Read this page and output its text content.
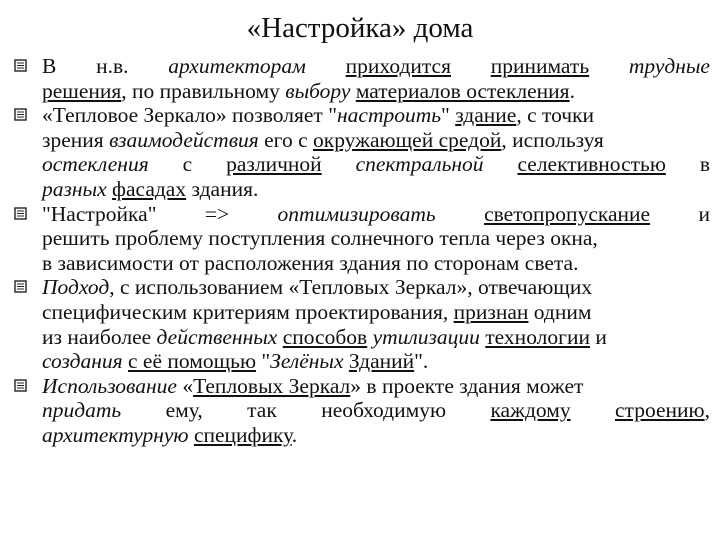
«Настройка» дома
В н.в. архитекторам приходится принимать трудные
решения, по правильному выбору материалов остекления.
«Тепловое Зеркало» позволяет "настроить" здание, с точки
зрения взаимодействия его с окружающей средой, используя
остекления с различной спектральной селективностью в
разных фасадах здания.
"Настройка" => оптимизировать светопропускание и
решить проблему поступления солнечного тепла через окна,
в зависимости от расположения здания по сторонам света.
Подход, с использованием «Тепловых Зеркал», отвечающих
специфическим критериям проектирования, признан одним
из наиболее действенных способов утилизации технологии и
создания с её помощью "Зелёных Зданий".
Использование «Тепловых Зеркал» в проекте здания может
придать ему, так необходимую каждому строению,
архитектурную специфику.
